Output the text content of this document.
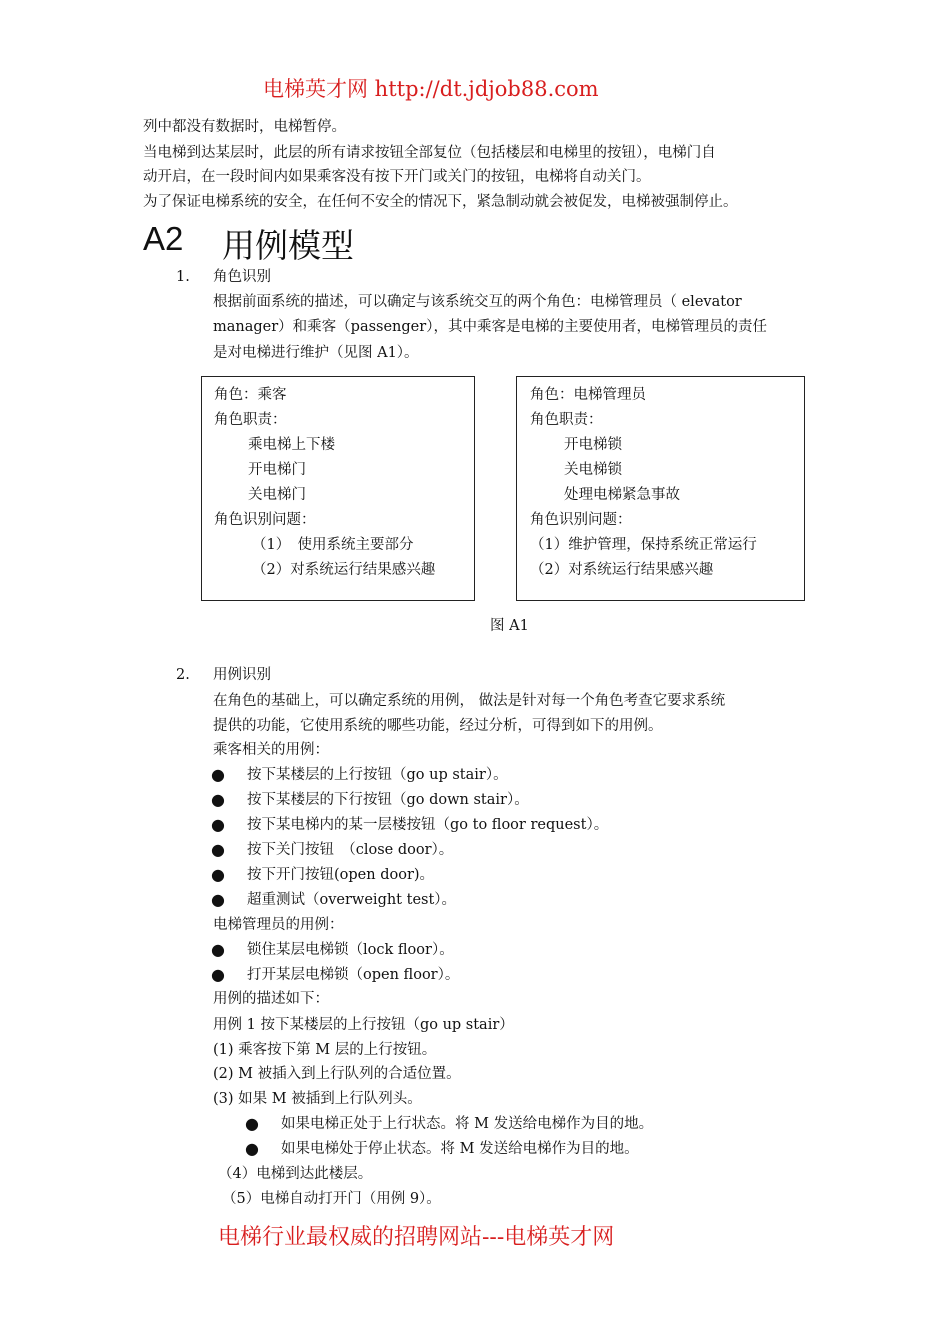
电梯英才网 http://dt.jdjob88.com
列中都没有数据时，电梯暂停。
当电梯到达某层时，此层的所有请求按钮全部复位（包括楼层和电梯里的按钮），电梯门自
动开启，在一段时间内如果乘客没有按下开门或关门的按钮，电梯将自动关门。
为了保证电梯系统的安全，在任何不安全的情况下，紧急制动就会被促发，电梯被强制停止。
A2 用例模型
1. 角色识别
根据前面系统的描述，可以确定与该系统交互的两个角色：电梯管理员（ elevator
manager）和乘客（passenger），其中乘客是电梯的主要使用者，电梯管理员的责任
是对电梯进行维护（见图 A1）。
角色：乘客
角色职责：
乘电梯上下楼
开电梯门
关电梯门
角色识别问题：
（1）　使用系统主要部分
（2）对系统运行结果感兴趣
角色：电梯管理员
角色职责：
开电梯锁
关电梯锁
处理电梯紧急事故
角色识别问题：
（1）维护管理，保持系统正常运行
（2）对系统运行结果感兴趣
图 A1
2. 用例识别
在角色的基础上，可以确定系统的用例， 做法是针对每一个角色考查它要求系统
提供的功能，它使用系统的哪些功能，经过分析，可得到如下的用例。
乘客相关的用例：
● 按下某楼层的上行按钮（go up stair）。
● 按下某楼层的下行按钮（go down stair）。
● 按下某电梯内的某一层楼按钮（go to floor request）。
● 按下关门按钮　（close door）。
● 按下开门按钮(open door)。
● 超重测试（overweight test）。
电梯管理员的用例：
● 锁住某层电梯锁（lock floor）。
● 打开某层电梯锁（open floor）。
用例的描述如下：
用例 1 按下某楼层的上行按钮（go up stair）
(1) 乘客按下第 M 层的上行按钮。
(2) M 被插入到上行队列的合适位置。
(3) 如果 M 被插到上行队列头。
● 如果电梯正处于上行状态。将 M 发送给电梯作为目的地。
● 如果电梯处于停止状态。将 M 发送给电梯作为目的地。
（4）电梯到达此楼层。
（5）电梯自动打开门（用例 9）。
电梯行业最权威的招聘网站---电梯英才网
